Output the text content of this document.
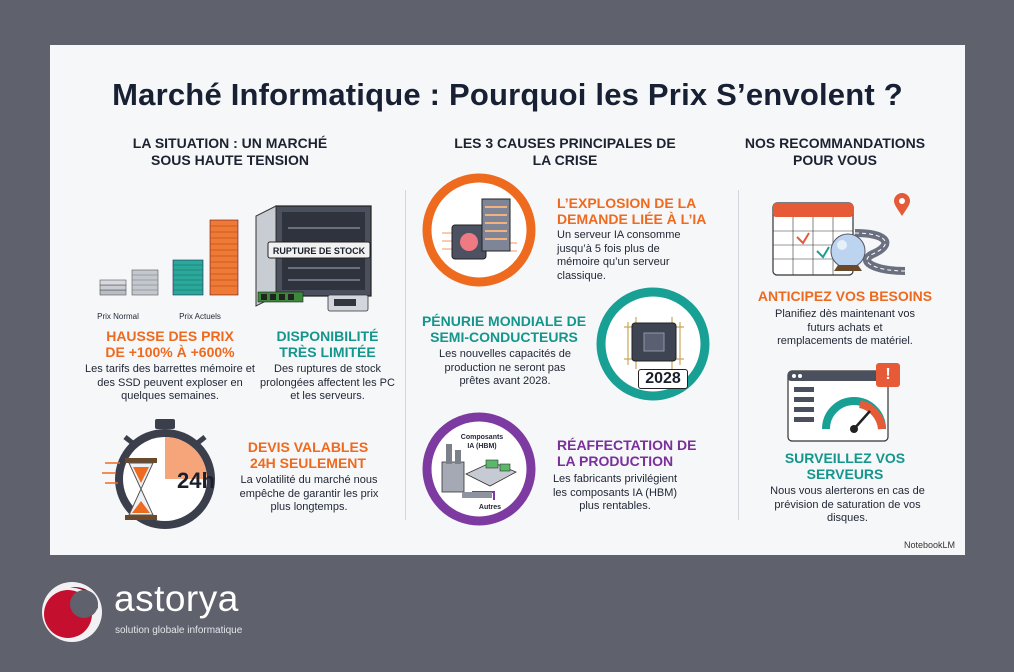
Marché Informatique : Pourquoi les Prix S’envolent ?
LA SITUATION : UN MARCHÉ SOUS HAUTE TENSION
LES 3 CAUSES PRINCIPALES DE LA CRISE
NOS RECOMMANDATIONS POUR VOUS
Prix Normal	Prix Actuels
HAUSSE DES PRIX
DE +100% À +600%
Les tarifs des barrettes mémoire et des SSD peuvent exploser en quelques semaines.
RUPTURE DE STOCK
DISPONIBILITÉ
TRÈS LIMITÉE
Des ruptures de stock prolongées affectent les PC et les serveurs.
24h
DEVIS VALABLES
24H SEULEMENT
La volatilité du marché nous empêche de garantir les prix plus longtemps.
L’EXPLOSION DE LA
DEMANDE LIÉE À L’IA
Un serveur IA consomme jusqu’à 5 fois plus de mémoire qu’un serveur classique.
PÉNURIE MONDIALE DE
SEMI-CONDUCTEURS
Les nouvelles capacités de production ne seront pas prêtes avant 2028.	2028
Composants
IA (HBM)
Autres
RÉAFFECTATION DE
LA PRODUCTION
Les fabricants privilégient les composants IA (HBM) plus rentables.
ANTICIPEZ VOS BESOINS
Planifiez dès maintenant vos futurs achats et remplacements de matériel.
!
SURVEILLEZ VOS
SERVEURS
Nous vous alerterons en cas de prévision de saturation de vos disques.
NotebookLM
astorya
solution globale informatique
